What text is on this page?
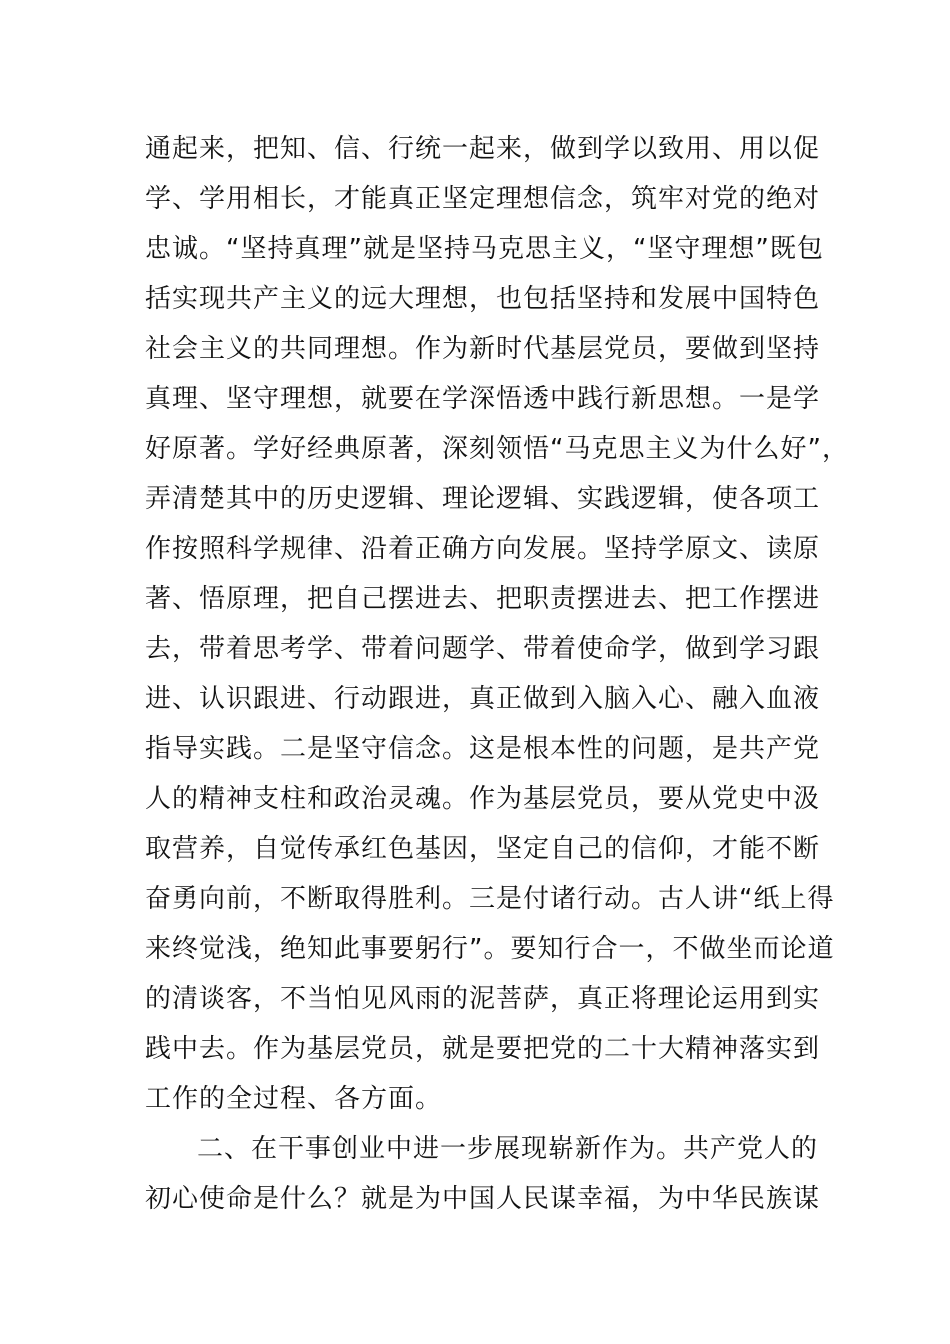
通起来，把知、信、行统一起来，做到学以致用、用以促
学、学用相长，才能真正坚定理想信念，筑牢对党的绝对
忠诚。“坚持真理”就是坚持马克思主义，“坚守理想”既包
括实现共产主义的远大理想，也包括坚持和发展中国特色
社会主义的共同理想。作为新时代基层党员，要做到坚持
真理、坚守理想，就要在学深悟透中践行新思想。一是学
好原著。学好经典原著，深刻领悟“马克思主义为什么好”，
弄清楚其中的历史逻辑、理论逻辑、实践逻辑，使各项工
作按照科学规律、沿着正确方向发展。坚持学原文、读原
著、悟原理，把自己摆进去、把职责摆进去、把工作摆进
去，带着思考学、带着问题学、带着使命学，做到学习跟
进、认识跟进、行动跟进，真正做到入脑入心、融入血液
指导实践。二是坚守信念。这是根本性的问题，是共产党
人的精神支柱和政治灵魂。作为基层党员，要从党史中汲
取营养，自觉传承红色基因，坚定自己的信仰，才能不断
奋勇向前，不断取得胜利。三是付诸行动。古人讲“纸上得
来终觉浅，绝知此事要躬行”。要知行合一，不做坐而论道
的清谈客，不当怕见风雨的泥菩萨，真正将理论运用到实
践中去。作为基层党员，就是要把党的二十大精神落实到
工作的全过程、各方面。
二、在干事创业中进一步展现崭新作为。共产党人的
初心使命是什么？就是为中国人民谋幸福，为中华民族谋
